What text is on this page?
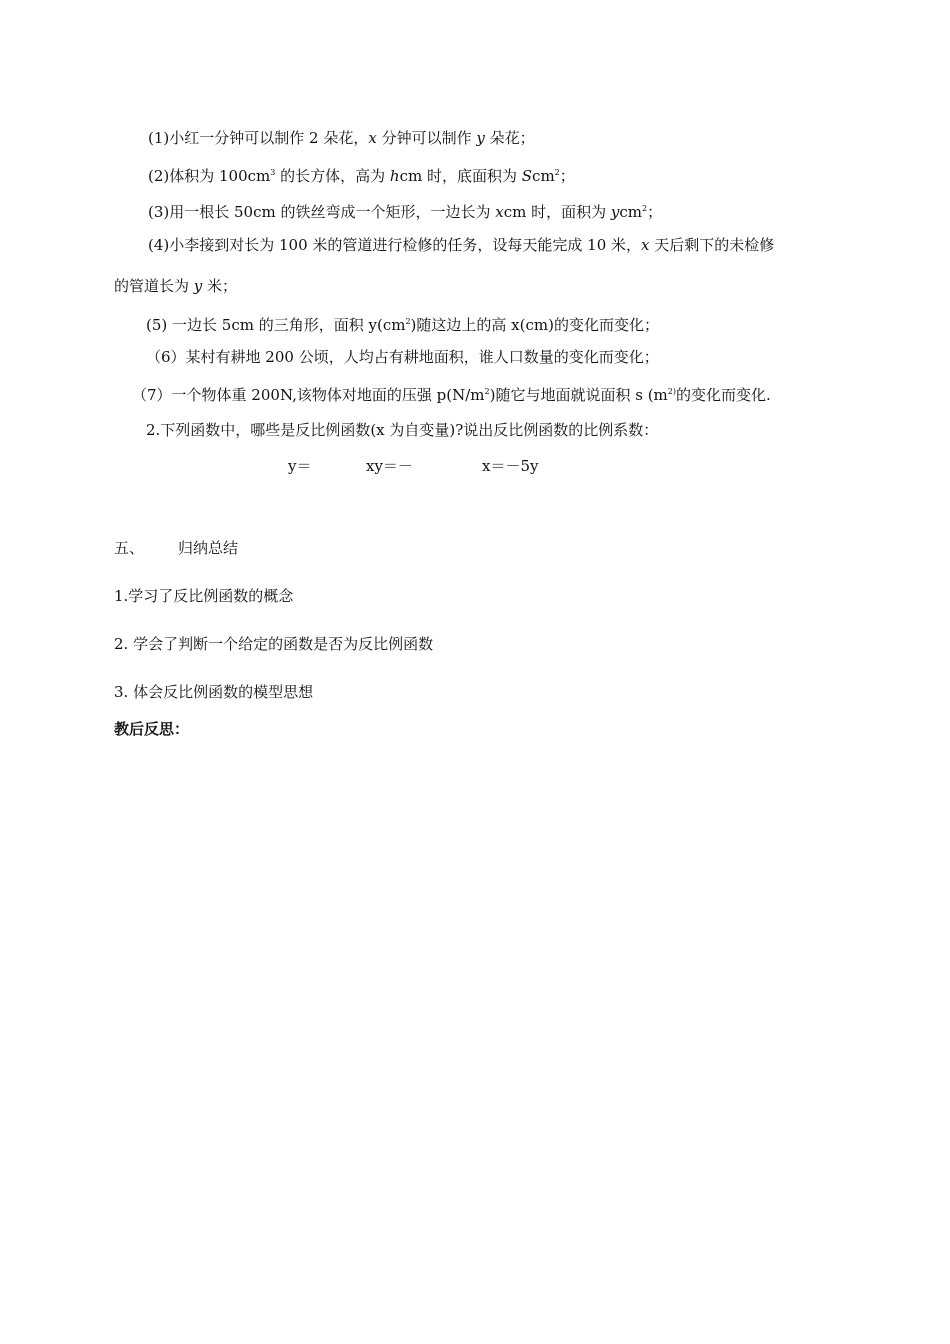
(1)小红一分钟可以制作 2 朵花，x 分钟可以制作 y 朵花；
(2)体积为 $100cm^3$ 的长方体，高为 hcm 时，底面积为 Scm$^2$；
(3)用一根长 50cm 的铁丝弯成一个矩形，一边长为 xcm 时，面积为 ycm$^2$；
(4)小李接到对长为 100 米的管道进行检修的任务，设每天能完成 10 米，x 天后剩下的未检修
的管道长为 y 米；
(5) 一边长 5cm 的三角形，面积 $y(cm^2)$随这边上的高 x(cm)的变化而变化；
（6）某村有耕地 200 公顷，人均占有耕地面积，谁人口数量的变化而变化；
（7）一个物体重 200N,该物体对地面的压强 $p(N/m^2)$随它与地面就说面积 s ($m^{2)}$的变化而变化.
2.下列函数中，哪些是反比例函数(x 为自变量)?说出反比例函数的比例系数：
y＝	xy＝－	x＝－5y
五、 归纳总结
1.学习了反比例函数的概念
2. 学会了判断一个给定的函数是否为反比例函数
3. 体会反比例函数的模型思想
教后反思：
